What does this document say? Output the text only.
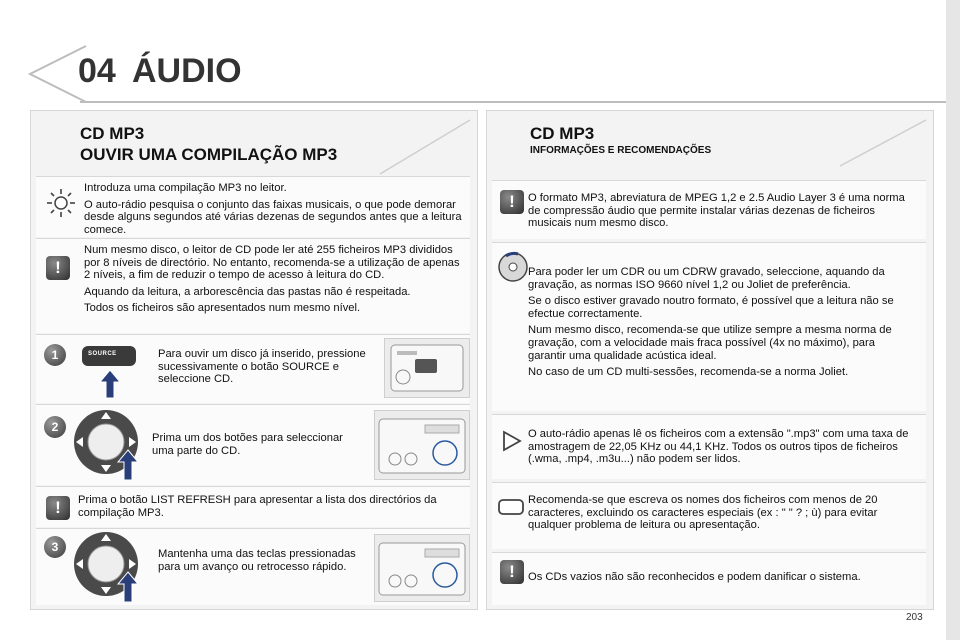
04 ÁUDIO
CD MP3
OUVIR UMA COMPILAÇÃO MP3

Introduza uma compilação MP3 no leitor.

O auto-rádio pesquisa o conjunto das faixas musicais, o que pode demorar desde alguns segundos até várias dezenas de segundos antes que a leitura comece.

!

Num mesmo disco, o leitor de CD pode ler até 255 ficheiros MP3 divididos por 8 níveis de directório. No entanto, recomenda-se a utilização de apenas 2 níveis, a fim de reduzir o tempo de acesso à leitura do CD.

Aquando da leitura, a arborescência das pastas não é respeitada.

Todos os ficheiros são apresentados num mesmo nível.

1	SOURCE	Para ouvir um disco já inserido, pressione sucessivamente o botão SOURCE e seleccione CD.
2
Prima um dos botões para seleccionar uma parte do CD.
!	Prima o botão LIST REFRESH para apresentar a lista dos directórios da compilação MP3.
3	Mantenha uma das teclas pressionadas para um avanço ou retrocesso rápido.
CD MP3
INFORMAÇÕES E RECOMENDAÇÕES
!	O formato MP3, abreviatura de MPEG 1,2 e 2.5 Audio Layer 3 é uma norma de compressão áudio que permite instalar várias dezenas de ficheiros musicais num mesmo disco.

Para poder ler um CDR ou um CDRW gravado, seleccione, aquando da gravação, as normas ISO 9660 nível 1,2 ou Joliet de preferência.

Se o disco estiver gravado noutro formato, é possível que a leitura não se efectue correctamente.

Num mesmo disco, recomenda-se que utilize sempre a mesma norma de gravação, com a velocidade mais fraca possível (4x no máximo), para garantir uma qualidade acústica ideal.

No caso de um CD multi-sessões, recomenda-se a norma Joliet.

O auto-rádio apenas lê os ficheiros com a extensão ".mp3" com uma taxa de amostragem de 22,05 KHz ou 44,1 KHz. Todos os outros tipos de ficheiros (.wma, .mp4, .m3u...) não podem ser lidos.

Recomenda-se que escreva os nomes dos ficheiros com menos de 20 caracteres, excluindo os caracteres especiais (ex : " " ? ; ù) para evitar qualquer problema de leitura ou apresentação.

!	Os CDs vazios não são reconhecidos e podem danificar o sistema.

203
